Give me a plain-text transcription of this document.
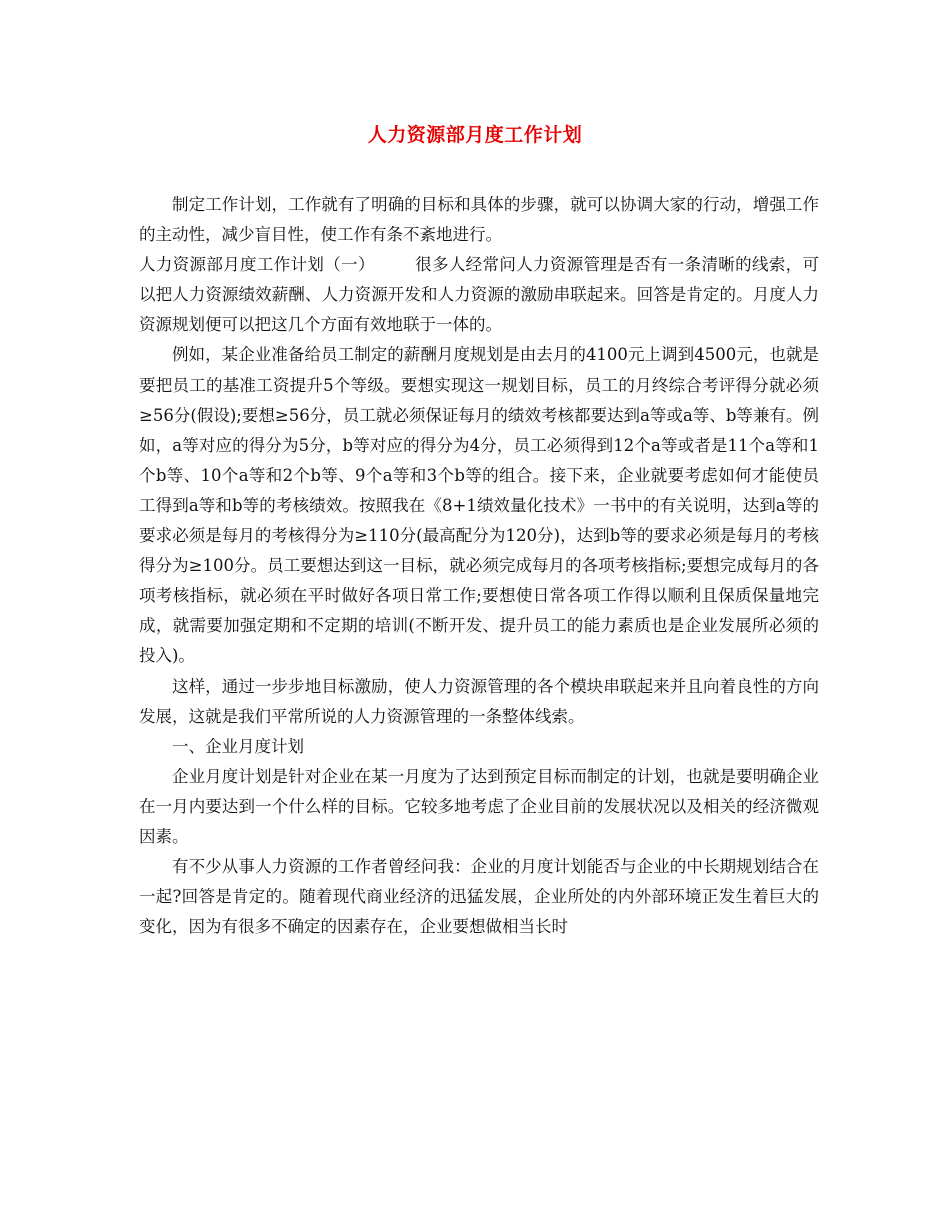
人力资源部月度工作计划

制定工作计划，工作就有了明确的目标和具体的步骤，就可以协调大家的行动，增强工作的主动性，减少盲目性，使工作有条不紊地进行。

人力资源部月度工作计划（一） 很多人经常问人力资源管理是否有一条清晰的线索，可以把人力资源绩效薪酬、人力资源开发和人力资源的激励串联起来。回答是肯定的。月度人力资源规划便可以把这几个方面有效地联于一体的。

例如，某企业准备给员工制定的薪酬月度规划是由去月的4100元上调到4500元，也就是要把员工的基准工资提升5个等级。要想实现这一规划目标，员工的月终综合考评得分就必须≥56分(假设);要想≥56分，员工就必须保证每月的绩效考核都要达到a等或a等、b等兼有。例如，a等对应的得分为5分，b等对应的得分为4分，员工必须得到12个a等或者是11个a等和1个b等、10个a等和2个b等、9个a等和3个b等的组合。接下来，企业就要考虑如何才能使员工得到a等和b等的考核绩效。按照我在《8+1绩效量化技术》一书中的有关说明，达到a等的要求必须是每月的考核得分为≥110分(最高配分为120分)，达到b等的要求必须是每月的考核得分为≥100分。员工要想达到这一目标，就必须完成每月的各项考核指标;要想完成每月的各项考核指标，就必须在平时做好各项日常工作;要想使日常各项工作得以顺利且保质保量地完成，就需要加强定期和不定期的培训(不断开发、提升员工的能力素质也是企业发展所必须的投入)。

这样，通过一步步地目标激励，使人力资源管理的各个模块串联起来并且向着良性的方向发展，这就是我们平常所说的人力资源管理的一条整体线索。

一、企业月度计划

企业月度计划是针对企业在某一月度为了达到预定目标而制定的计划，也就是要明确企业在一月内要达到一个什么样的目标。它较多地考虑了企业目前的发展状况以及相关的经济微观因素。

有不少从事人力资源的工作者曾经问我：企业的月度计划能否与企业的中长期规划结合在一起?回答是肯定的。随着现代商业经济的迅猛发展，企业所处的内外部环境正发生着巨大的变化，因为有很多不确定的因素存在，企业要想做相当长时
